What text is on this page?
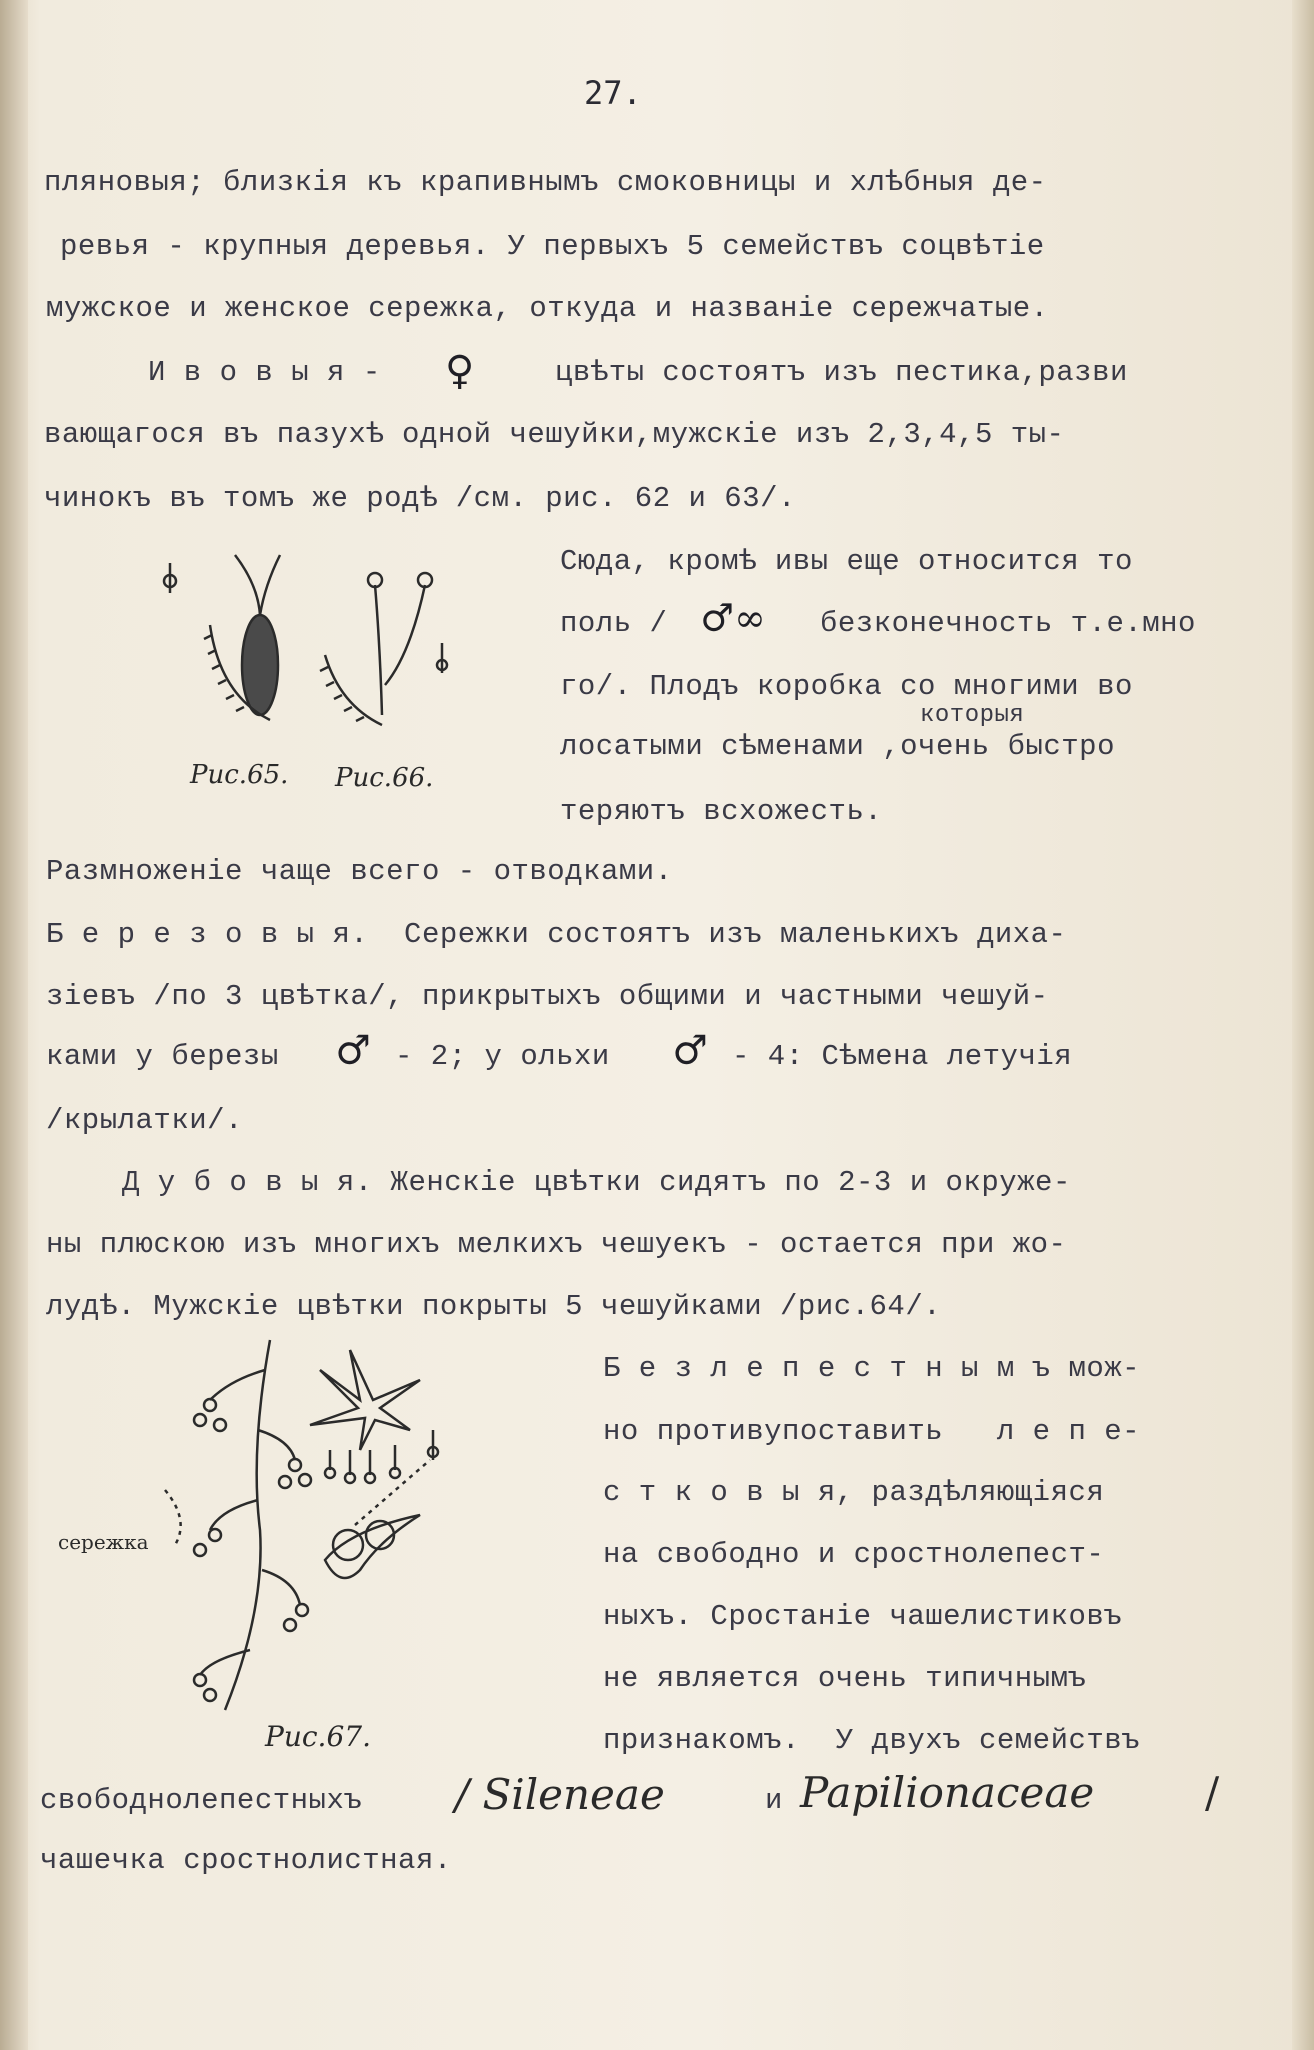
27.
пляновыя; близкія къ крапивнымъ смоковницы и хлѣбныя де-
ревья - крупныя деревья. У первыхъ 5 семействъ соцвѣтіе
мужское и женское сережка, откуда и названіе сережчатые.
И в о в ы я - ♀	цвѣты состоятъ изъ пестика,разви
вающагося въ пазухѣ одной чешуйки,мужскіе изъ 2,3,4,5 ты-
чинокъ въ томъ же родѣ /см. рис. 62 и 63/.
Рис.65. Рис.66.
Сюда, кромѣ ивы еще относится то
поль / ♂∞ безконечность т.е.мно
го/. Плодъ коробка со многими во
которыя
лосатыми сѣменами ,очень быстро
теряютъ всхожесть.
Размноженіе чаще всего - отводками.
Б е р е з о в ы я.  Сережки состоятъ изъ маленькихъ диха-
зіевъ /по 3 цвѣтка/, прикрытыхъ общими и частными чешуй-
ками у березы ♂ - 2; у ольхи ♂ - 4: Сѣмена летучія
/крылатки/.
Д у б о в ы я. Женскіе цвѣтки сидятъ по 2-3 и окруже-
ны плюскою изъ многихъ мелкихъ чешуекъ - остается при жо-
лудѣ. Мужскіе цвѣтки покрыты 5 чешуйками /рис.64/.
сережка
Рис.67.
Б е з л е п е с т н ы м ъ мож-
но противупоставить   л е п е-
с т к о в ы я, раздѣляющіяся
на свободно и сростнолепест-
ныхъ. Сростаніе чашелистиковъ
не является очень типичнымъ
признакомъ.  У двухъ семействъ
свободнолепестныхъ / Sileneae	и Papilionaceae	/
чашечка сростнолистная.
